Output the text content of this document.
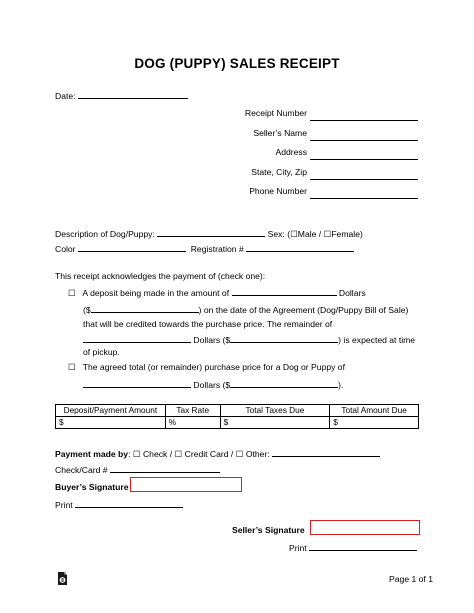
DOG (PUPPY) SALES RECEIPT
Date:
Receipt Number
Seller’s Name
Address
State, City, Zip
Phone Number
Description of Dog/Puppy:	Sex: (☐Male / ☐Female)
Color	Registration #
This receipt acknowledges the payment of (check one):
☐ A deposit being made in the amount of	Dollars
($	) on the date of the Agreement (Dog/Puppy Bill of Sale)
that will be credited towards the purchase price. The remainder of
Dollars ($	) is expected at time
of pickup.
☐ The agreed total (or remainder) purchase price for a Dog or Puppy of
Dollars ($	).
Deposit/Payment Amount	Tax Rate	Total Taxes Due	Total Amount Due
$	%	$	$
Payment made by: ☐ Check / ☐ Credit Card / ☐ Other:
Check/Card #
Buyer’s Signature
Print
Seller’s Signature
Print
Page 1 of 1
